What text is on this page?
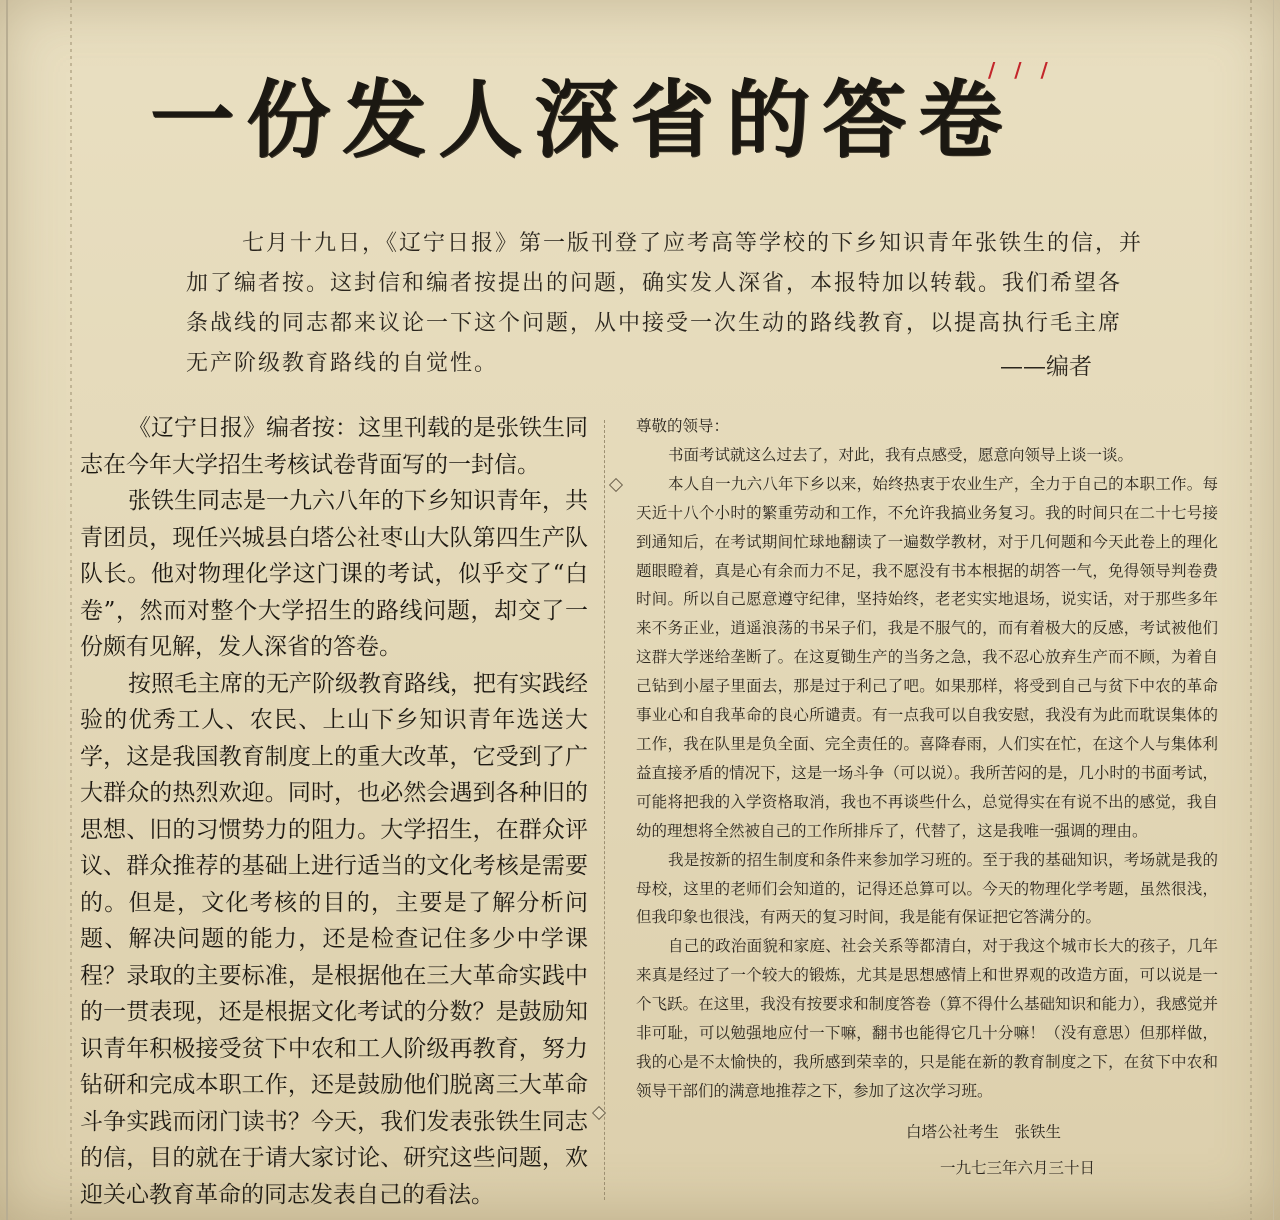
一份发人深省的答卷
/ / /

七月十九日，《辽宁日报》第一版刊登了应考高等学校的下乡知识青年张铁生的信，并加了编者按。这封信和编者按提出的问题，确实发人深省，本报特加以转载。我们希望各条战线的同志都来议论一下这个问题，从中接受一次生动的路线教育，以提高执行毛主席无产阶级教育路线的自觉性。	——编者

《辽宁日报》编者按：这里刊载的是张铁生同志在今年大学招生考核试卷背面写的一封信。

张铁生同志是一九六八年的下乡知识青年，共青团员，现任兴城县白塔公社枣山大队第四生产队队长。他对物理化学这门课的考试，似乎交了“白卷”，然而对整个大学招生的路线问题，却交了一份颇有见解，发人深省的答卷。

按照毛主席的无产阶级教育路线，把有实践经验的优秀工人、农民、上山下乡知识青年选送大学，这是我国教育制度上的重大改革，它受到了广大群众的热烈欢迎。同时，也必然会遇到各种旧的思想、旧的习惯势力的阻力。大学招生，在群众评议、群众推荐的基础上进行适当的文化考核是需要的。但是，文化考核的目的，主要是了解分析问题、解决问题的能力，还是检查记住多少中学课程？录取的主要标准，是根据他在三大革命实践中的一贯表现，还是根据文化考试的分数？是鼓励知识青年积极接受贫下中农和工人阶级再教育，努力钻研和完成本职工作，还是鼓励他们脱离三大革命斗争实践而闭门读书？今天，我们发表张铁生同志的信，目的就在于请大家讨论、研究这些问题，欢迎关心教育革命的同志发表自己的看法。

尊敬的领导：

书面考试就这么过去了，对此，我有点感受，愿意向领导上谈一谈。

本人自一九六八年下乡以来，始终热衷于农业生产，全力于自己的本职工作。每天近十八个小时的繁重劳动和工作，不允许我搞业务复习。我的时间只在二十七号接到通知后，在考试期间忙球地翻读了一遍数学教材，对于几何题和今天此卷上的理化题眼瞪着，真是心有余而力不足，我不愿没有书本根据的胡答一气，免得领导判卷费时间。所以自己愿意遵守纪律，坚持始终，老老实实地退场，说实话，对于那些多年来不务正业，逍遥浪荡的书呆子们，我是不服气的，而有着极大的反感，考试被他们这群大学迷给垄断了。在这夏锄生产的当务之急，我不忍心放弃生产而不顾，为着自己钻到小屋子里面去，那是过于利己了吧。如果那样，将受到自己与贫下中农的革命事业心和自我革命的良心所谴责。有一点我可以自我安慰，我没有为此而耽误集体的工作，我在队里是负全面、完全责任的。喜降春雨，人们实在忙，在这个人与集体利益直接矛盾的情况下，这是一场斗争（可以说）。我所苦闷的是，几小时的书面考试，可能将把我的入学资格取消，我也不再谈些什么，总觉得实在有说不出的感觉，我自幼的理想将全然被自己的工作所排斥了，代替了，这是我唯一强调的理由。

我是按新的招生制度和条件来参加学习班的。至于我的基础知识，考场就是我的母校，这里的老师们会知道的，记得还总算可以。今天的物理化学考题，虽然很浅，但我印象也很浅，有两天的复习时间，我是能有保证把它答满分的。

自己的政治面貌和家庭、社会关系等都清白，对于我这个城市长大的孩子，几年来真是经过了一个较大的锻炼，尤其是思想感情上和世界观的改造方面，可以说是一个飞跃。在这里，我没有按要求和制度答卷（算不得什么基础知识和能力），我感觉并非可耻，可以勉强地应付一下嘛，翻书也能得它几十分嘛！（没有意思）但那样做，我的心是不太愉快的，我所感到荣幸的，只是能在新的教育制度之下，在贫下中农和领导干部们的满意地推荐之下，参加了这次学习班。

白塔公社考生　张铁生
一九七三年六月三十日
